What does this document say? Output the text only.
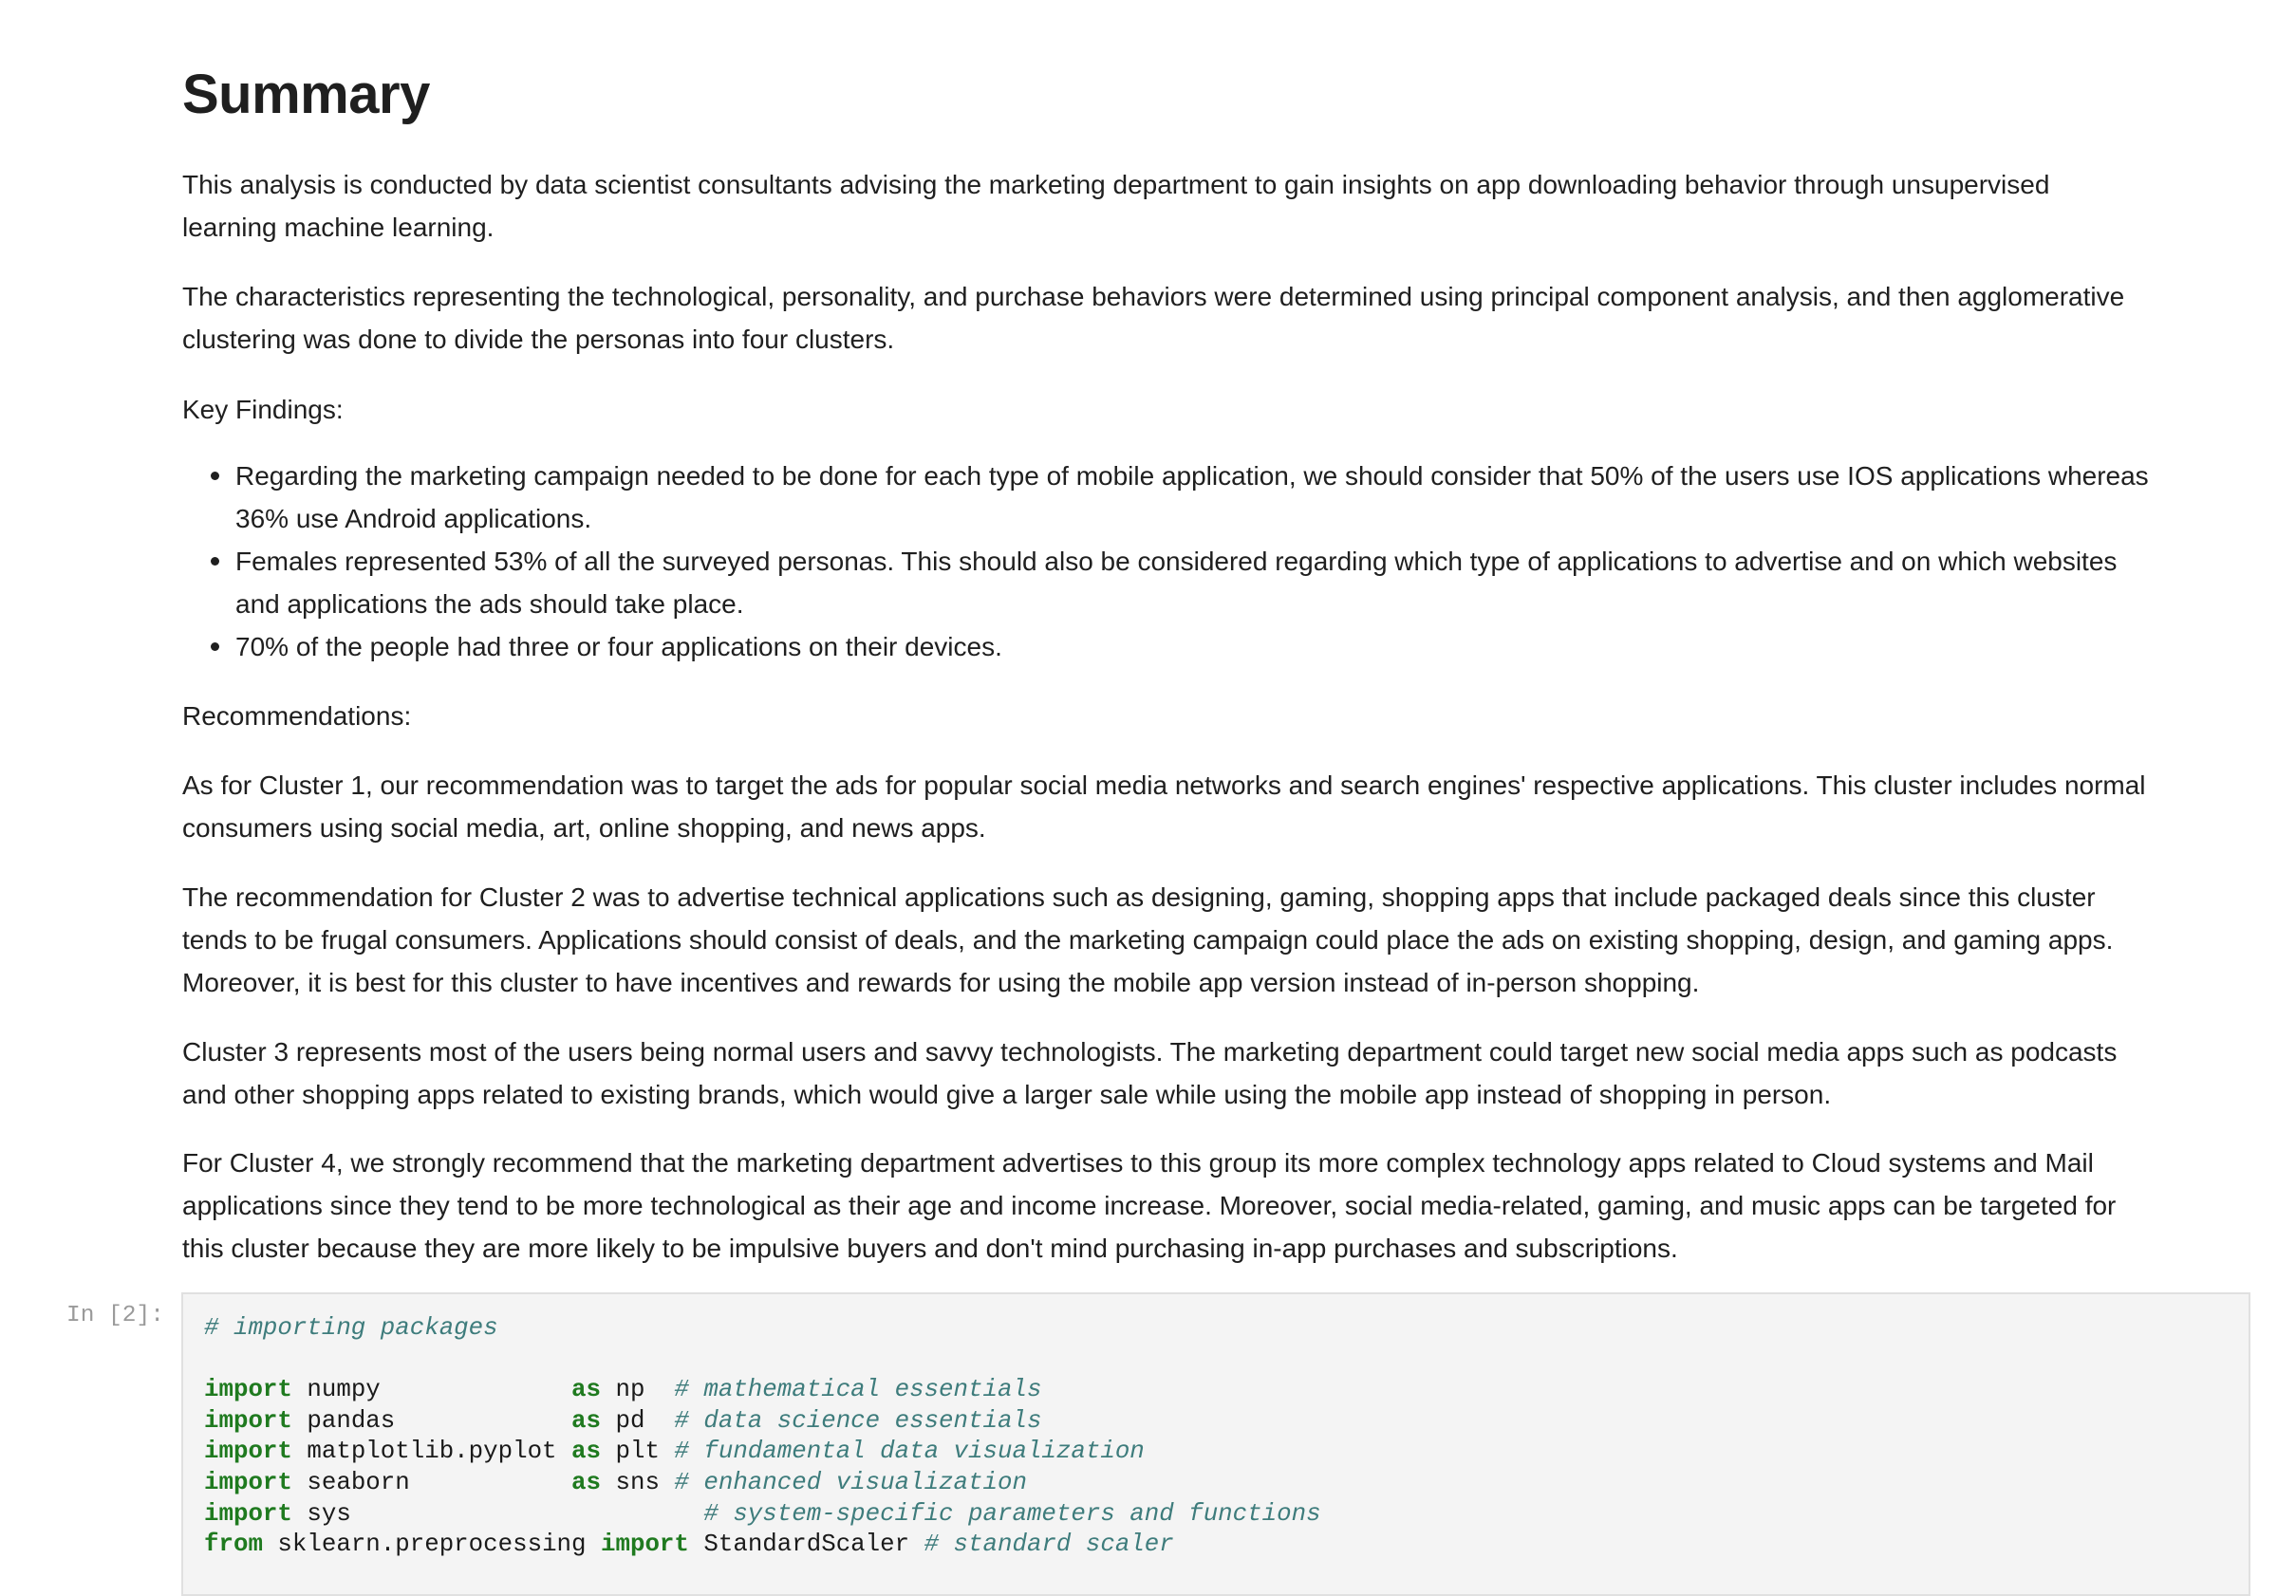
Summary

This analysis is conducted by data scientist consultants advising the marketing department to gain insights on app downloading behavior through unsupervised
learning machine learning.

The characteristics representing the technological, personality, and purchase behaviors were determined using principal component analysis, and then agglomerative
clustering was done to divide the personas into four clusters.

Key Findings:

Regarding the marketing campaign needed to be done for each type of mobile application, we should consider that 50% of the users use IOS applications whereas
36% use Android applications.
Females represented 53% of all the surveyed personas. This should also be considered regarding which type of applications to advertise and on which websites
and applications the ads should take place.
70% of the people had three or four applications on their devices.

Recommendations:

As for Cluster 1, our recommendation was to target the ads for popular social media networks and search engines' respective applications. This cluster includes normal
consumers using social media, art, online shopping, and news apps.

The recommendation for Cluster 2 was to advertise technical applications such as designing, gaming, shopping apps that include packaged deals since this cluster
tends to be frugal consumers. Applications should consist of deals, and the marketing campaign could place the ads on existing shopping, design, and gaming apps.
Moreover, it is best for this cluster to have incentives and rewards for using the mobile app version instead of in-person shopping.

Cluster 3 represents most of the users being normal users and savvy technologists. The marketing department could target new social media apps such as podcasts
and other shopping apps related to existing brands, which would give a larger sale while using the mobile app instead of shopping in person.

For Cluster 4, we strongly recommend that the marketing department advertises to this group its more complex technology apps related to Cloud systems and Mail
applications since they tend to be more technological as their age and income increase. Moreover, social media-related, gaming, and music apps can be targeted for
this cluster because they are more likely to be impulsive buyers and don't mind purchasing in-app purchases and subscriptions.

In [2]: # importing packages

import numpy             as np  # mathematical essentials
import pandas            as pd  # data science essentials
import matplotlib.pyplot as plt # fundamental data visualization
import seaborn           as sns # enhanced visualization
import sys                        # system-specific parameters and functions
from sklearn.preprocessing import StandardScaler # standard scaler
